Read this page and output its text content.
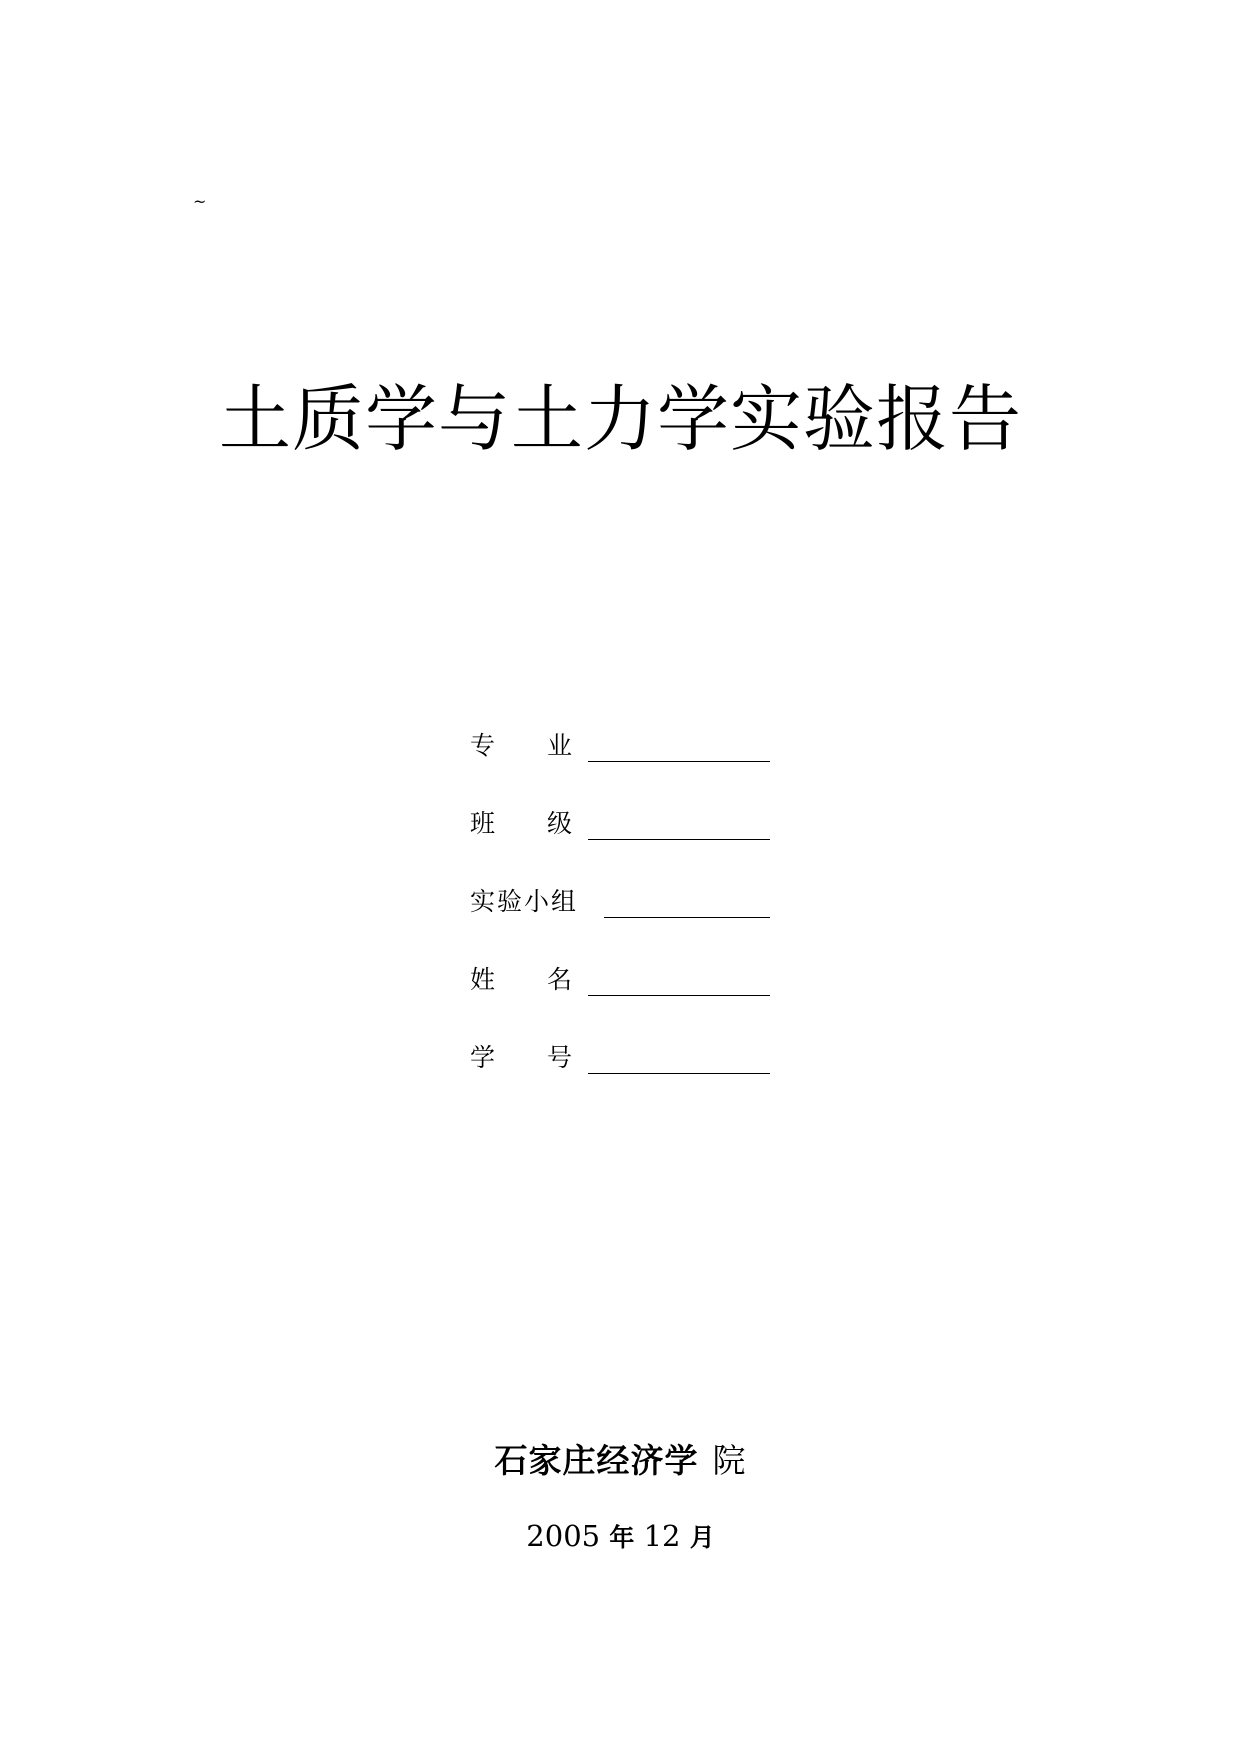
~
土质学与土力学实验报告
专 业
班 级
实验小组
姓 名
学 号
石家庄经济学 院
2005 年 12 月
